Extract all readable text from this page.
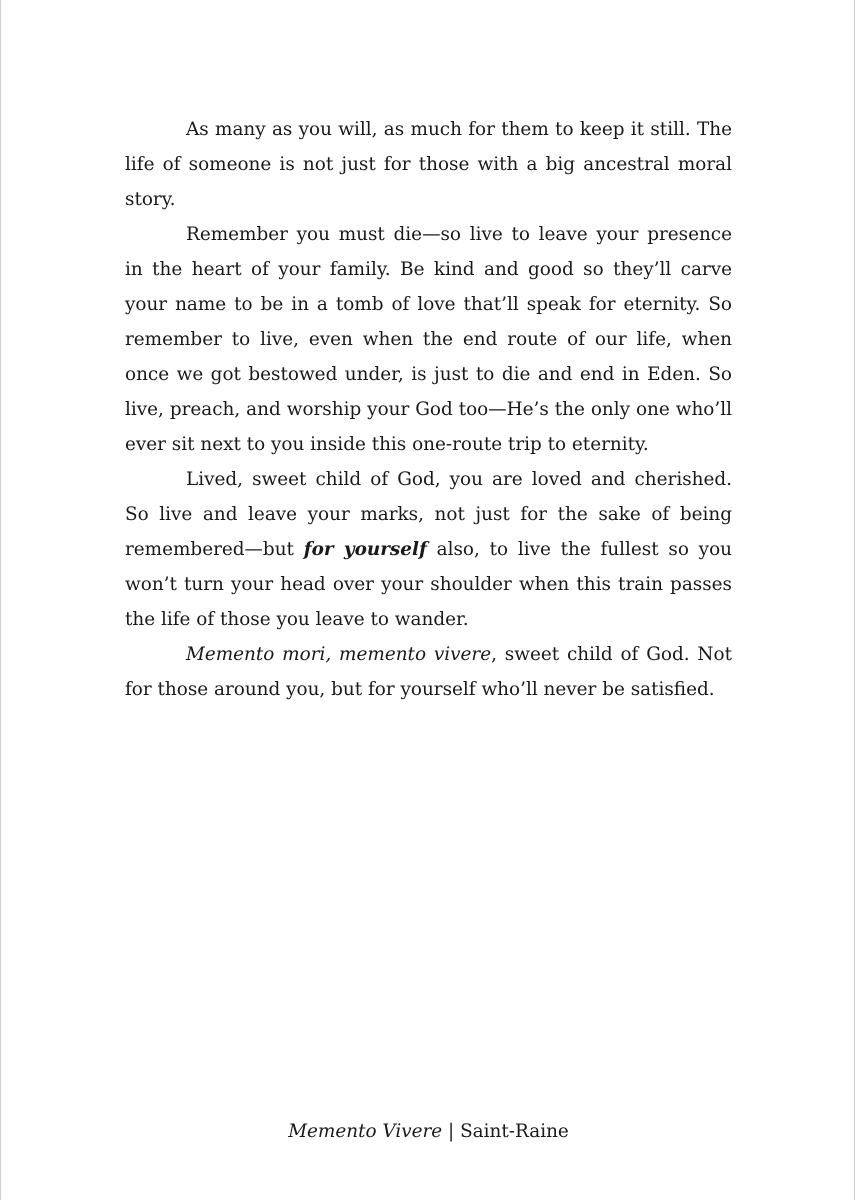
As many as you will, as much for them to keep it still. The life of someone is not just for those with a big ancestral moral story.

Remember you must die—so live to leave your presence in the heart of your family. Be kind and good so they’ll carve your name to be in a tomb of love that’ll speak for eternity. So remember to live, even when the end route of our life, when once we got bestowed under, is just to die and end in Eden. So live, preach, and worship your God too—He’s the only one who’ll ever sit next to you inside this one-route trip to eternity.

Lived, sweet child of God, you are loved and cherished. So live and leave your marks, not just for the sake of being remembered—but for yourself also, to live the fullest so you won’t turn your head over your shoulder when this train passes the life of those you leave to wander.

Memento mori, memento vivere, sweet child of God. Not for those around you, but for yourself who’ll never be satisfied.

Memento Vivere | Saint-Raine
